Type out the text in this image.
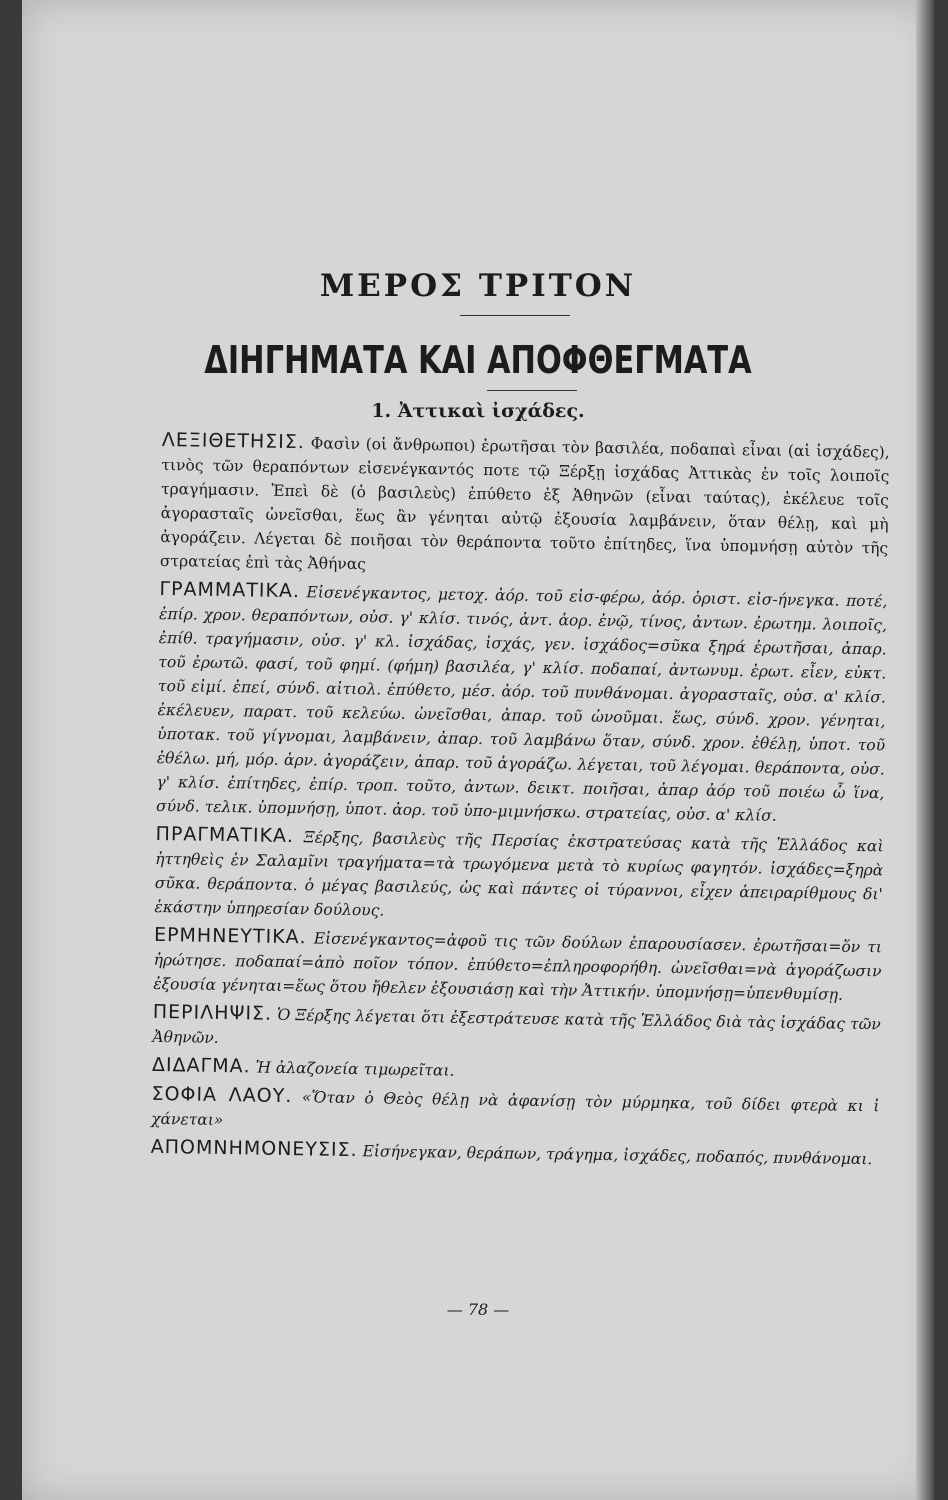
ΜΕΡΟΣ ΤΡΙΤΟΝ
ΔΙΗΓΗΜΑΤΑ ΚΑΙ ΑΠΟΦΘΕΓΜΑΤΑ
1. Ἀττικαὶ ἰσχάδες.

ΛΕΞΙΘΕΤΗΣΙΣ. Φασὶν (οἱ ἄνθρωποι) ἐρωτῆσαι τὸν βασιλέα, ποδαπαὶ εἶναι (αἱ ἰσχάδες), τινὸς τῶν θεραπόντων εἰσενέγκαντός ποτε τῷ Ξέρξῃ ἰσχάδας Ἀττικὰς ἐν τοῖς λοιποῖς τραγήμασιν. Ἐπεὶ δὲ (ὁ βασιλεὺς) ἐπύθετο ἐξ Ἀθηνῶν (εἶναι ταύτας), ἐκέλευε τοῖς ἀγορασταῖς ὠνεῖσθαι, ἕως ἂν γένηται αὐτῷ ἐξουσία λαμβάνειν, ὅταν θέλῃ, καὶ μὴ ἀγοράζειν. Λέγεται δὲ ποιῆσαι τὸν θεράποντα τοῦτο ἐπίτηδες, ἵνα ὑπομνήσῃ αὐτὸν τῆς στρατείας ἐπὶ τὰς Ἀθήνας

ΓΡΑΜΜΑΤΙΚΑ. Εἰσενέγκαντος, μετοχ. ἀόρ. τοῦ εἰσ-φέρω, ἀόρ. ὁριστ. εἰσ-ήνεγκα. ποτέ, ἐπίρ. χρον. θεραπόντων, οὐσ. γ' κλίσ. τινός, ἀντ. ἀορ. ἐνῷ, τίνος, ἀντων. ἐρωτημ. λοιποῖς, ἐπίθ. τραγήμασιν, οὐσ. γ' κλ. ἰσχάδας, ἰσχάς, γεν. ἰσχάδος=σῦκα ξηρά ἐρωτῆσαι, ἀπαρ. τοῦ ἐρωτῶ. φασί, τοῦ φημί. (φήμη) βασιλέα, γ' κλίσ. ποδαπαί, ἀντωνυμ. ἐρωτ. εἶεν, εὐκτ. τοῦ εἰμί. ἐπεί, σύνδ. αἰτιολ. ἐπύθετο, μέσ. ἀόρ. τοῦ πυνθάνομαι. ἀγορασταῖς, οὐσ. α' κλίσ. ἐκέλευεν, παρατ. τοῦ κελεύω. ὠνεῖσθαι, ἀπαρ. τοῦ ὠνοῦμαι. ἕως, σύνδ. χρον. γένηται, ὑποτακ. τοῦ γίγνομαι, λαμβάνειν, ἀπαρ. τοῦ λαμβάνω ὅταν, σύνδ. χρον. ἐθέλῃ, ὑποτ. τοῦ ἐθέλω. μή, μόρ. ἀρν. ἀγοράζειν, ἀπαρ. τοῦ ἀγοράζω. λέγεται, τοῦ λέγομαι. θεράποντα, οὐσ. γ' κλίσ. ἐπίτηδες, ἐπίρ. τροπ. τοῦτο, ἀντων. δεικτ. ποιῆσαι, ἀπαρ ἀόρ τοῦ ποιέω ὦ ἵνα, σύνδ. τελικ. ὑπομνήσῃ, ὑποτ. ἀορ. τοῦ ὑπο-μιμνήσκω. στρατείας, οὐσ. α' κλίσ.

ΠΡΑΓΜΑΤΙΚΑ. Ξέρξης, βασιλεὺς τῆς Περσίας ἐκστρατεύσας κατὰ τῆς Ἑλλάδος καὶ ἡττηθεὶς ἐν Σαλαμῖνι τραγήματα=τὰ τρωγόμενα μετὰ τὸ κυρίως φαγητόν. ἰσχάδες=ξηρὰ σῦκα. θεράποντα. ὁ μέγας βασιλεύς, ὡς καὶ πάντες οἱ τύραννοι, εἶχεν ἀπειραρίθμους δι' ἑκάστην ὑπηρεσίαν δούλους.

ΕΡΜΗΝΕΥΤΙΚΑ. Εἰσενέγκαντος=ἀφοῦ τις τῶν δούλων ἐπαρουσίασεν. ἐρωτῆσαι=ὅν τι ἠρώτησε. ποδαπαί=ἀπὸ ποῖον τόπον. ἐπύθετο=ἐπληροφορήθη. ὠνεῖσθαι=νὰ ἀγοράζωσιν ἐξουσία γένηται=ἕως ὅτου ἤθελεν ἐξουσιάσῃ καὶ τὴν Ἀττικήν. ὑπομνήσῃ=ὑπενθυμίσῃ.

ΠΕΡΙΛΗΨΙΣ. Ὁ Ξέρξης λέγεται ὅτι ἐξεστράτευσε κατὰ τῆς Ἑλλάδος διὰ τὰς ἰσχάδας τῶν Ἀθηνῶν.

ΔΙΔΑΓΜΑ. Ἡ ἀλαζονεία τιμωρεῖται.

ΣΟΦΙΑ ΛΑΟΥ. «Ὅταν ὁ Θεὸς θέλῃ νὰ ἀφανίσῃ τὸν μύρμηκα, τοῦ δίδει φτερὰ κι ἰ χάνεται»

ΑΠΟΜΝΗΜΟΝΕΥΣΙΣ. Εἰσήνεγκαν, θεράπων, τράγημα, ἰσχάδες, ποδαπός, πυνθάνομαι.

— 78 —
